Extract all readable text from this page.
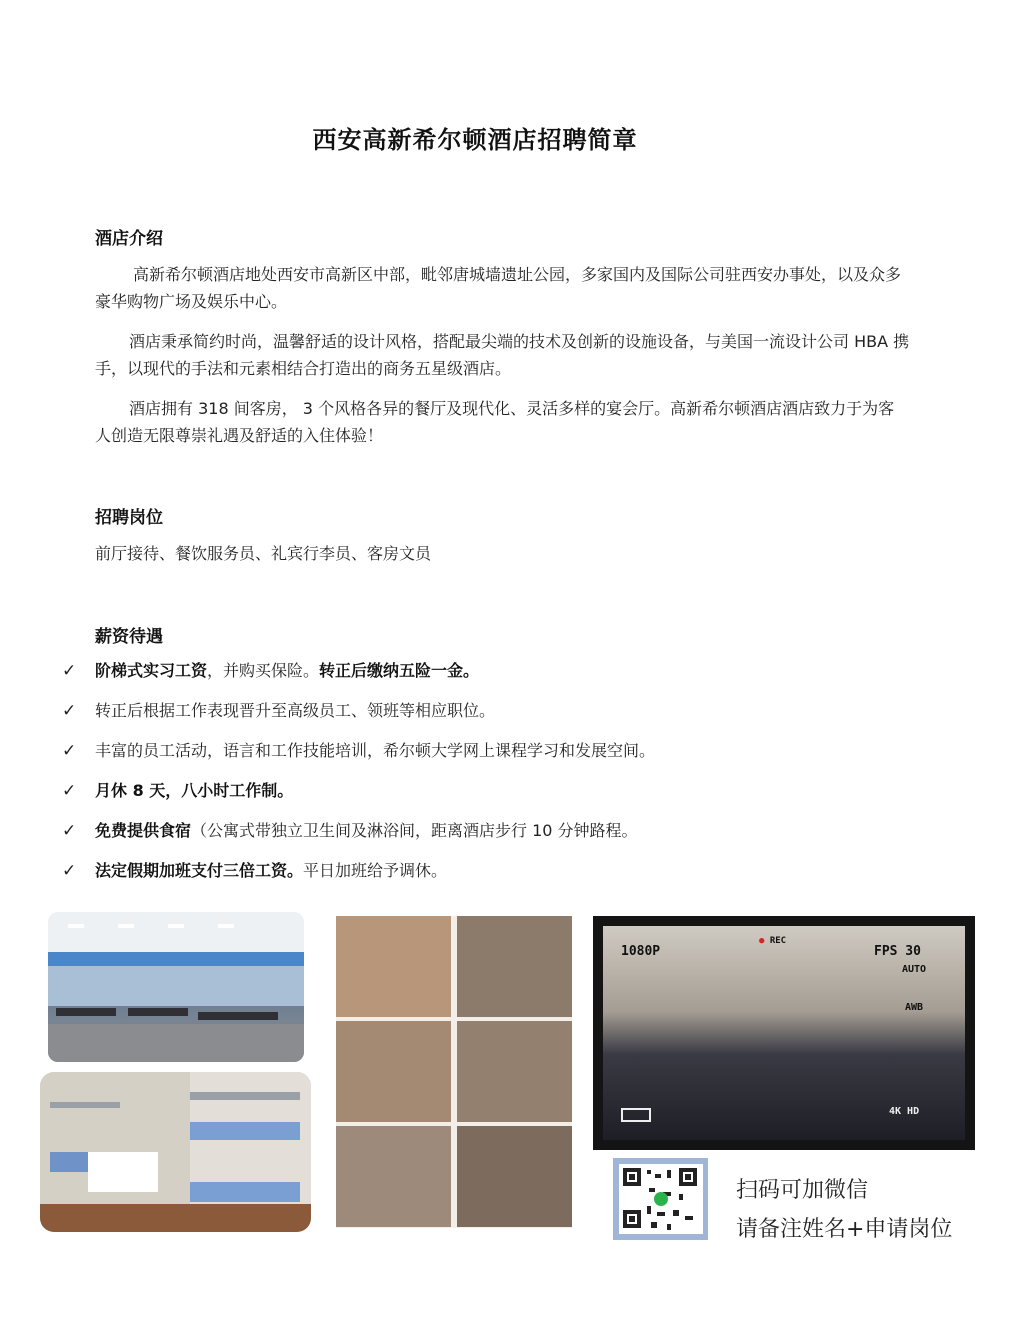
西安高新希尔顿酒店招聘简章
酒店介绍
高新希尔顿酒店地处西安市高新区中部，毗邻唐城墙遗址公园，多家国内及国际公司驻西安办事处，以及众多豪华购物广场及娱乐中心。
酒店秉承简约时尚，温馨舒适的设计风格，搭配最尖端的技术及创新的设施设备，与美国一流设计公司 HBA 携手，以现代的手法和元素相结合打造出的商务五星级酒店。
酒店拥有 318 间客房， 3 个风格各异的餐厅及现代化、灵活多样的宴会厅。高新希尔顿酒店酒店致力于为客人创造无限尊崇礼遇及舒适的入住体验！
招聘岗位
前厅接待、餐饮服务员、礼宾行李员、客房文员
薪资待遇
✓ 阶梯式实习工资，并购买保险。转正后缴纳五险一金。
✓ 转正后根据工作表现晋升至高级员工、领班等相应职位。
✓ 丰富的员工活动，语言和工作技能培训，希尔顿大学网上课程学习和发展空间。
✓ 月休 8 天，八小时工作制。
✓ 免费提供食宿（公寓式带独立卫生间及淋浴间，距离酒店步行 10 分钟路程。
✓ 法定假期加班支付三倍工资。平日加班给予调休。
1080P
● REC
FPS 30
AUTO
AWB
4K HD
扫码可加微信
请备注姓名+申请岗位
